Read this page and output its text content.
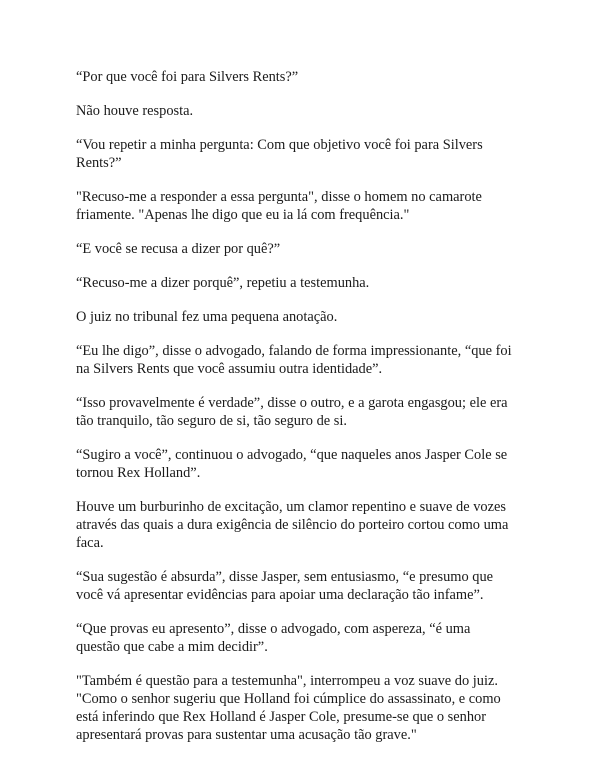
“Por que você foi para Silvers Rents?”

Não houve resposta.

“Vou repetir a minha pergunta: Com que objetivo você foi para Silvers
Rents?”

"Recuso-me a responder a essa pergunta", disse o homem no camarote
friamente. "Apenas lhe digo que eu ia lá com frequência."

“E você se recusa a dizer por quê?”

“Recuso-me a dizer porquê”, repetiu a testemunha.

O juiz no tribunal fez uma pequena anotação.

“Eu lhe digo”, disse o advogado, falando de forma impressionante, “que foi
na Silvers Rents que você assumiu outra identidade”.

“Isso provavelmente é verdade”, disse o outro, e a garota engasgou; ele era
tão tranquilo, tão seguro de si, tão seguro de si.

“Sugiro a você”, continuou o advogado, “que naqueles anos Jasper Cole se
tornou Rex Holland”.

Houve um burburinho de excitação, um clamor repentino e suave de vozes
através das quais a dura exigência de silêncio do porteiro cortou como uma
faca.

“Sua sugestão é absurda”, disse Jasper, sem entusiasmo, “e presumo que
você vá apresentar evidências para apoiar uma declaração tão infame”.

“Que provas eu apresento”, disse o advogado, com aspereza, “é uma
questão que cabe a mim decidir”.

"Também é questão para a testemunha", interrompeu a voz suave do juiz.
"Como o senhor sugeriu que Holland foi cúmplice do assassinato, e como
está inferindo que Rex Holland é Jasper Cole, presume-se que o senhor
apresentará provas para sustentar uma acusação tão grave."
